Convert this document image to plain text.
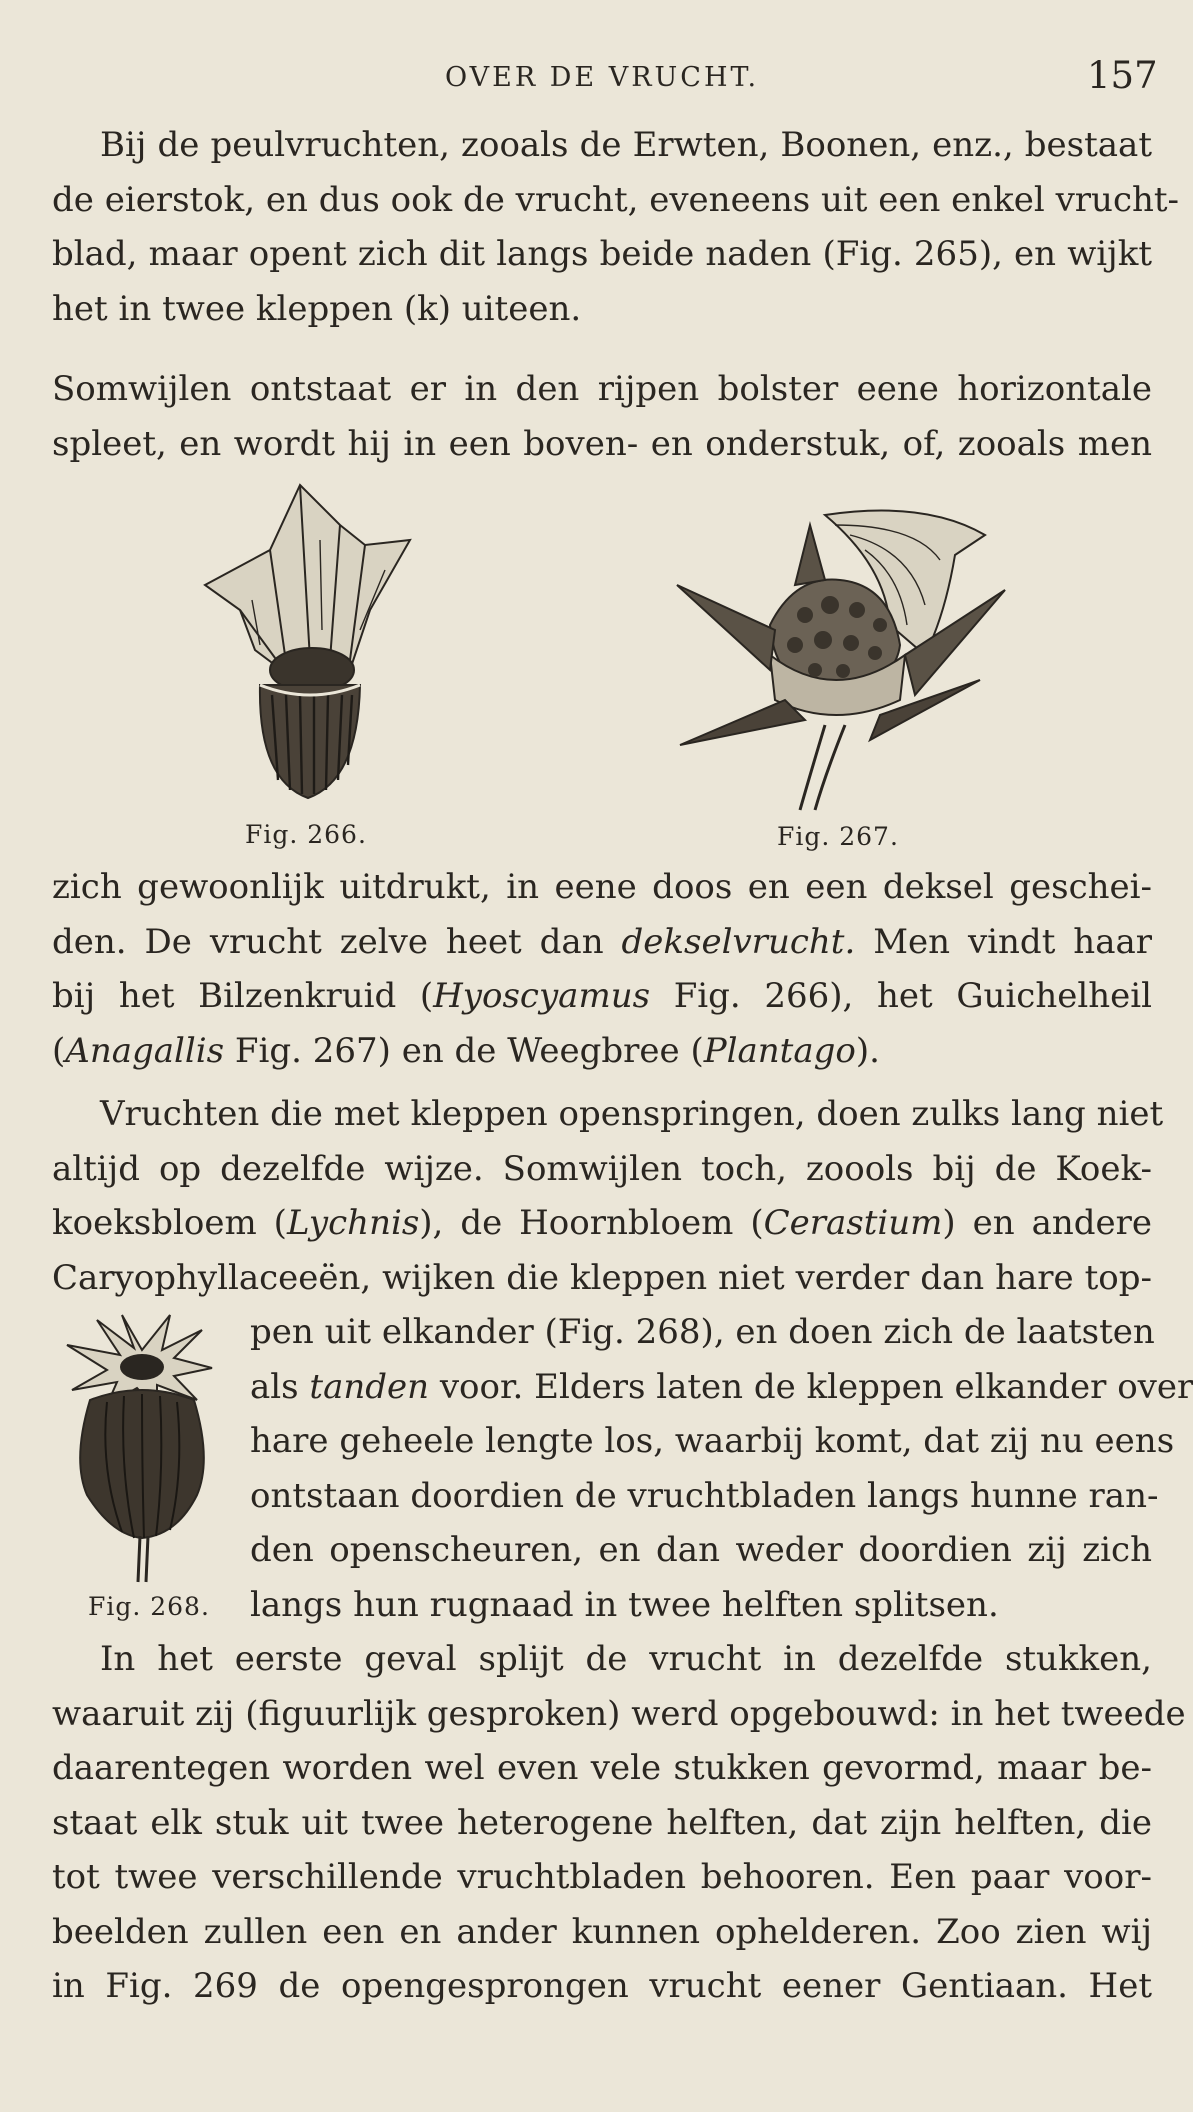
OVER DE VRUCHT.	157

Bij de peulvruchten, zooals de Erwten, Boonen, enz., bestaat
de eierstok, en dus ook de vrucht, eveneens uit een enkel vrucht-
blad, maar opent zich dit langs beide naden (Fig. 265), en wijkt
het in twee kleppen (k) uiteen.

Somwijlen ontstaat er in den rijpen bolster eene horizontale
spleet, en wordt hij in een boven- en onderstuk, of, zooals men

Fig. 266.	Fig. 267.

zich gewoonlijk uitdrukt, in eene doos en een deksel geschei-
den. De vrucht zelve heet dan dekselvrucht. Men vindt haar
bij het Bilzenkruid (Hyoscyamus Fig. 266), het Guichelheil
(Anagallis Fig. 267) en de Weegbree (Plantago).

Vruchten die met kleppen openspringen, doen zulks lang niet
altijd op dezelfde wijze. Somwijlen toch, zoools bij de Koek-
koeksbloem (Lychnis), de Hoornbloem (Cerastium) en andere
Caryophyllaceeën, wijken die kleppen niet verder dan hare top-

pen uit elkander (Fig. 268), en doen zich de laatsten
als tanden voor. Elders laten de kleppen elkander over
hare geheele lengte los, waarbij komt, dat zij nu eens
ontstaan doordien de vruchtbladen langs hunne ran-
den openscheuren, en dan weder doordien zij zich
langs hun rugnaad in twee helften splitsen.

Fig. 268.

In het eerste geval splijt de vrucht in dezelfde stukken,
waaruit zij (figuurlijk gesproken) werd opgebouwd: in het tweede
daarentegen worden wel even vele stukken gevormd, maar be-
staat elk stuk uit twee heterogene helften, dat zijn helften, die
tot twee verschillende vruchtbladen behooren. Een paar voor-
beelden zullen een en ander kunnen ophelderen. Zoo zien wij
in Fig. 269 de opengesprongen vrucht eener Gentiaan. Het
